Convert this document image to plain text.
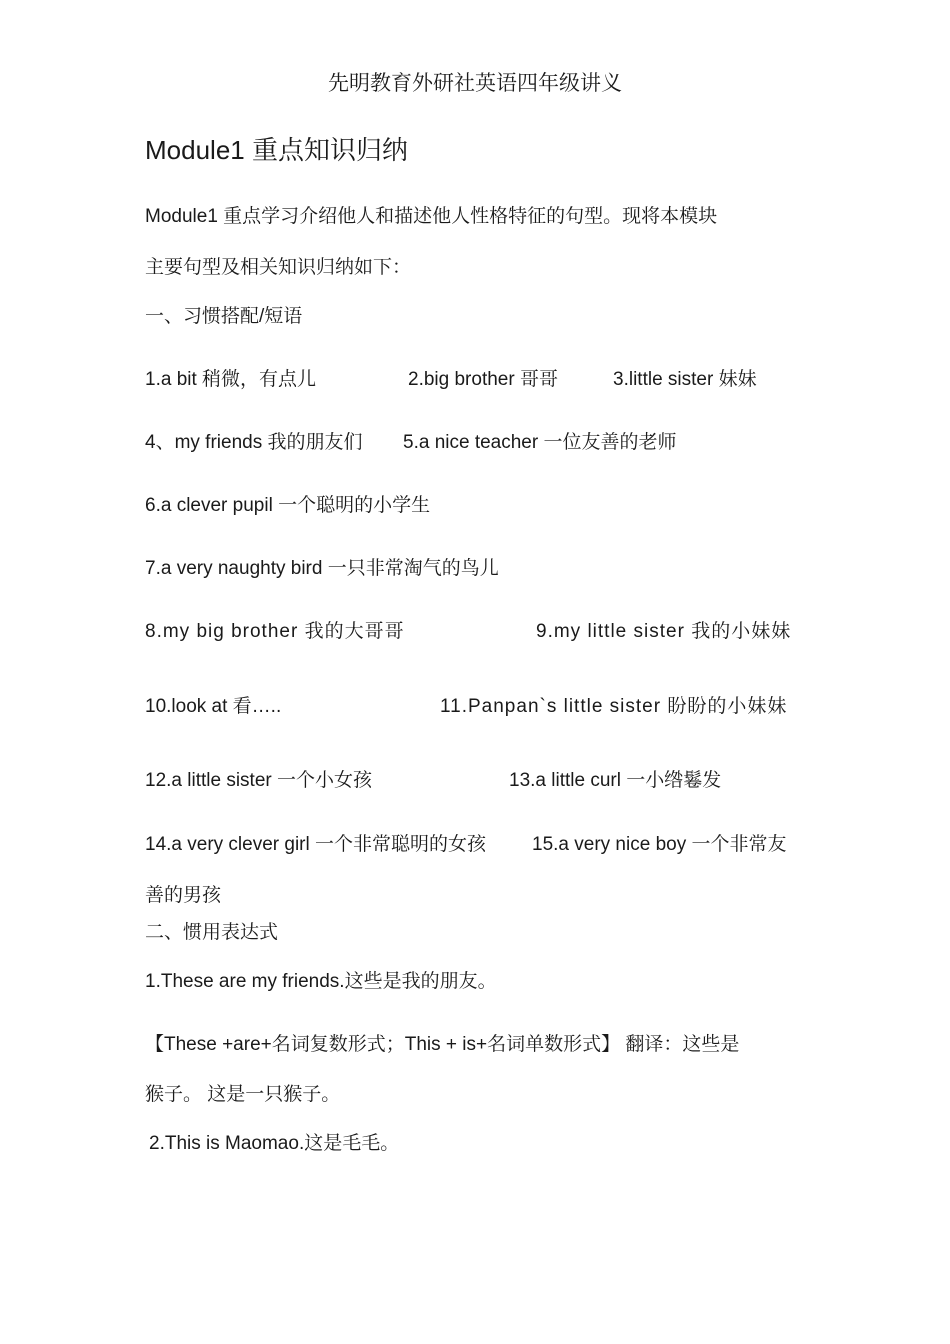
先明教育外研社英语四年级讲义
Module1 重点知识归纳
Module1 重点学习介绍他人和描述他人性格特征的句型。现将本模块
主要句型及相关知识归纳如下：
一、习惯搭配/短语
1.a bit 稍微，有点儿	2.big brother 哥哥	3.little sister 妹妹
4、my friends 我的朋友们 5.a nice teacher 一位友善的老师
6.a clever pupil 一个聪明的小学生
7.a very naughty bird 一只非常淘气的鸟儿
8.my big brother 我的大哥哥	9.my little sister 我的小妹妹
10.look at 看…..	11.Panpan`s little sister 盼盼的小妹妹
12.a little sister 一个小女孩	13.a little curl 一小绺鬈发
14.a very clever girl 一个非常聪明的女孩 15.a very nice boy 一个非常友
善的男孩
二、惯用表达式
1.These are my friends.这些是我的朋友。
【These +are+名词复数形式；This + is+名词单数形式】 翻译：这些是
猴子。 这是一只猴子。
2.This is Maomao.这是毛毛。
